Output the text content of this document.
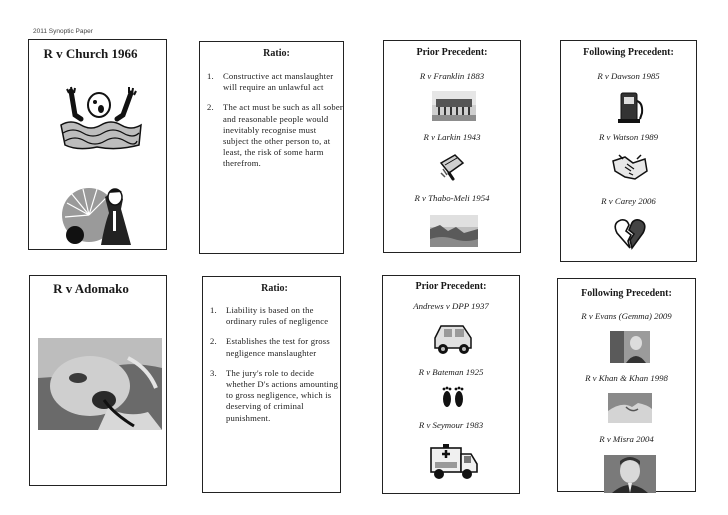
2011 Synoptic Paper
R v Church 1966	Ratio:
1.	Constructive act manslaughter will require an unlawful act
2.	The act must be such as all sober and reasonable people would inevitably recognise must subject the other person to, at least, the risk of some harm therefrom.
Prior Precedent:
R v Franklin 1883
R v Larkin 1943
R v Thabo-Meli 1954
Following Precedent:
R v Dawson 1985
R v Watson 1989
R v Carey 2006
R v Adomako	Ratio:
1.	Liability is based on the ordinary rules of negligence
2.	Establishes the test for gross negligence manslaughter
3.	The jury's role to decide whether D's actions amounting to gross negligence, which is deserving of criminal punishment.
Prior Precedent:
Andrews v DPP 1937
R v Bateman 1925
R v Seymour 1983
Following Precedent:
R v Evans (Gemma) 2009
R v Khan & Khan 1998
R v Misra 2004
